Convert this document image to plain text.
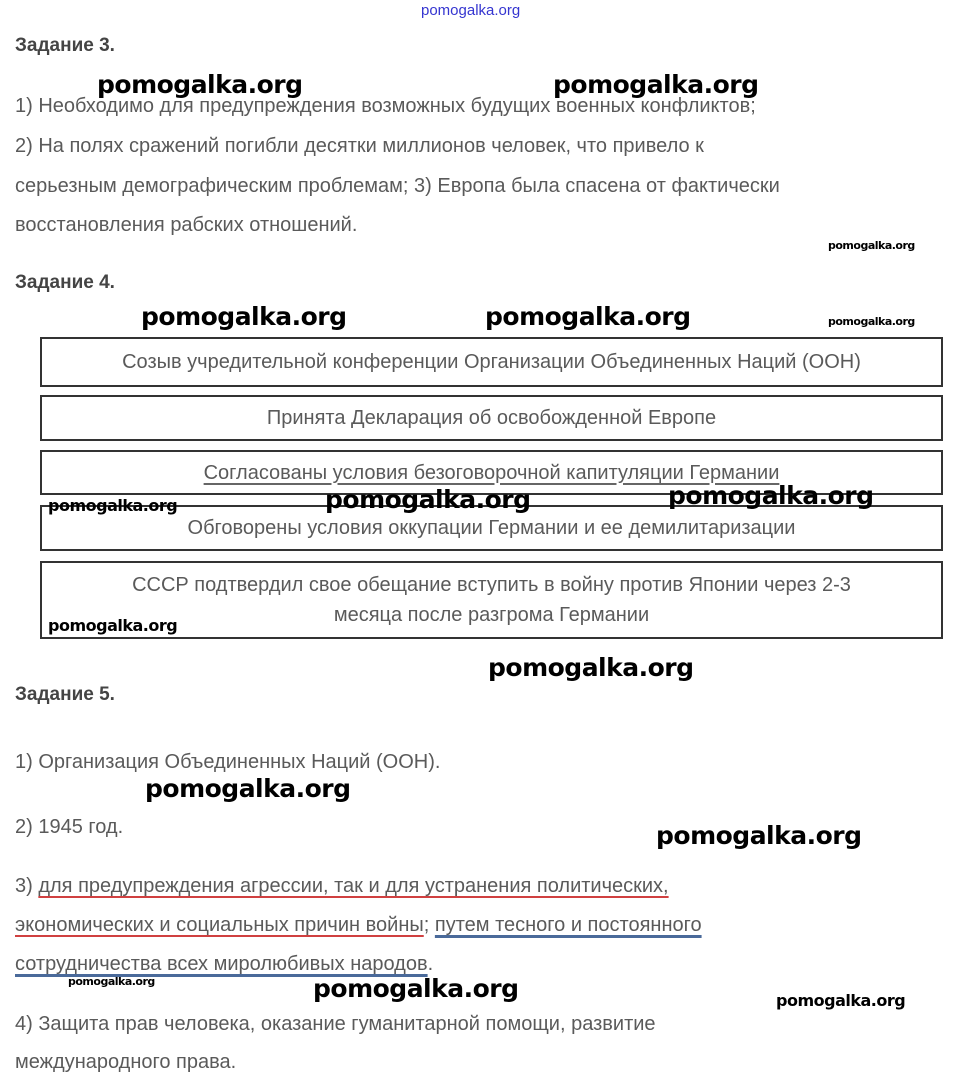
pomogalka.org
Задание 3.
1) Необходимо для предупреждения возможных будущих военных конфликтов;
2) На полях сражений погибли десятки миллионов человек, что привело к
серьезным демографическим проблемам; 3) Европа была спасена от фактически
восстановления рабских отношений.
Задание 4.
Созыв учредительной конференции Организации Объединенных Наций (ООН)
Принята Декларация об освобожденной Европе
Согласованы условия безоговорочной капитуляции Германии
Обговорены условия оккупации Германии и ее демилитаризации
СССР подтвердил свое обещание вступить в войну против Японии через 2-3
месяца после разгрома Германии
Задание 5.
1) Организация Объединенных Наций (ООН).
2) 1945 год.
3) для предупреждения агрессии, так и для устранения политических,
экономических и социальных причин войны; путем тесного и постоянного
сотрудничества всех миролюбивых народов.
4) Защита прав человека, оказание гуманитарной помощи, развитие
международного права.
pomogalka.org	pomogalka.org
pomogalka.org
pomogalka.org	pomogalka.org	pomogalka.org
pomogalka.org	pomogalka.org	pomogalka.org
pomogalka.org
pomogalka.org
pomogalka.org
pomogalka.org
pomogalka.org	pomogalka.org	pomogalka.org
